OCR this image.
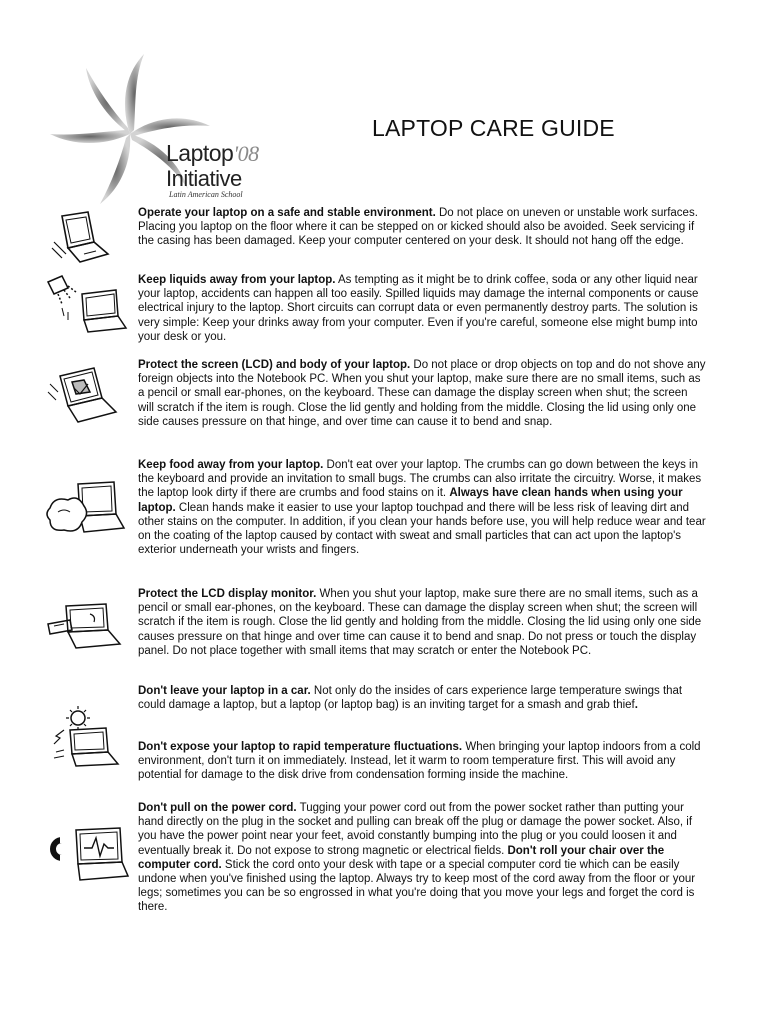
Laptop'08
Initiative
Latin American School
LAPTOP CARE GUIDE
Operate your laptop on a safe and stable environment. Do not place on uneven or unstable work surfaces. Placing you laptop on the floor where it can be stepped on or kicked should also be avoided. Seek servicing if the casing has been damaged. Keep your computer centered on your desk. It should not hang off the edge.
Keep liquids away from your laptop. As tempting as it might be to drink coffee, soda or any other liquid near your laptop, accidents can happen all too easily. Spilled liquids may damage the internal components or cause electrical injury to the laptop. Short circuits can corrupt data or even permanently destroy parts. The solution is very simple: Keep your drinks away from your computer. Even if you're careful, someone else might bump into your desk or you.
Protect the screen (LCD) and body of your laptop. Do not place or drop objects on top and do not shove any foreign objects into the Notebook PC. When you shut your laptop, make sure there are no small items, such as a pencil or small ear-phones, on the keyboard. These can damage the display screen when shut; the screen will scratch if the item is rough. Close the lid gently and holding from the middle. Closing the lid using only one side causes pressure on that hinge, and over time can cause it to bend and snap.
Keep food away from your laptop. Don't eat over your laptop. The crumbs can go down between the keys in the keyboard and provide an invitation to small bugs. The crumbs can also irritate the circuitry. Worse, it makes the laptop look dirty if there are crumbs and food stains on it. Always have clean hands when using your laptop. Clean hands make it easier to use your laptop touchpad and there will be less risk of leaving dirt and other stains on the computer. In addition, if you clean your hands before use, you will help reduce wear and tear on the coating of the laptop caused by contact with sweat and small particles that can act upon the laptop's exterior underneath your wrists and fingers.
Protect the LCD display monitor. When you shut your laptop, make sure there are no small items, such as a pencil or small ear-phones, on the keyboard. These can damage the display screen when shut; the screen will scratch if the item is rough. Close the lid gently and holding from the middle. Closing the lid using only one side causes pressure on that hinge and over time can cause it to bend and snap. Do not press or touch the display panel. Do not place together with small items that may scratch or enter the Notebook PC.
Don't leave your laptop in a car. Not only do the insides of cars experience large temperature swings that could damage a laptop, but a laptop (or laptop bag) is an inviting target for a smash and grab thief.
Don't expose your laptop to rapid temperature fluctuations. When bringing your laptop indoors from a cold environment, don't turn it on immediately. Instead, let it warm to room temperature first. This will avoid any potential for damage to the disk drive from condensation forming inside the machine.
Don't pull on the power cord. Tugging your power cord out from the power socket rather than putting your hand directly on the plug in the socket and pulling can break off the plug or damage the power socket. Also, if you have the power point near your feet, avoid constantly bumping into the plug or you could loosen it and eventually break it. Do not expose to strong magnetic or electrical fields. Don't roll your chair over the computer cord. Stick the cord onto your desk with tape or a special computer cord tie which can be easily undone when you've finished using the laptop. Always try to keep most of the cord away from the floor or your legs; sometimes you can be so engrossed in what you're doing that you move your legs and forget the cord is there.
